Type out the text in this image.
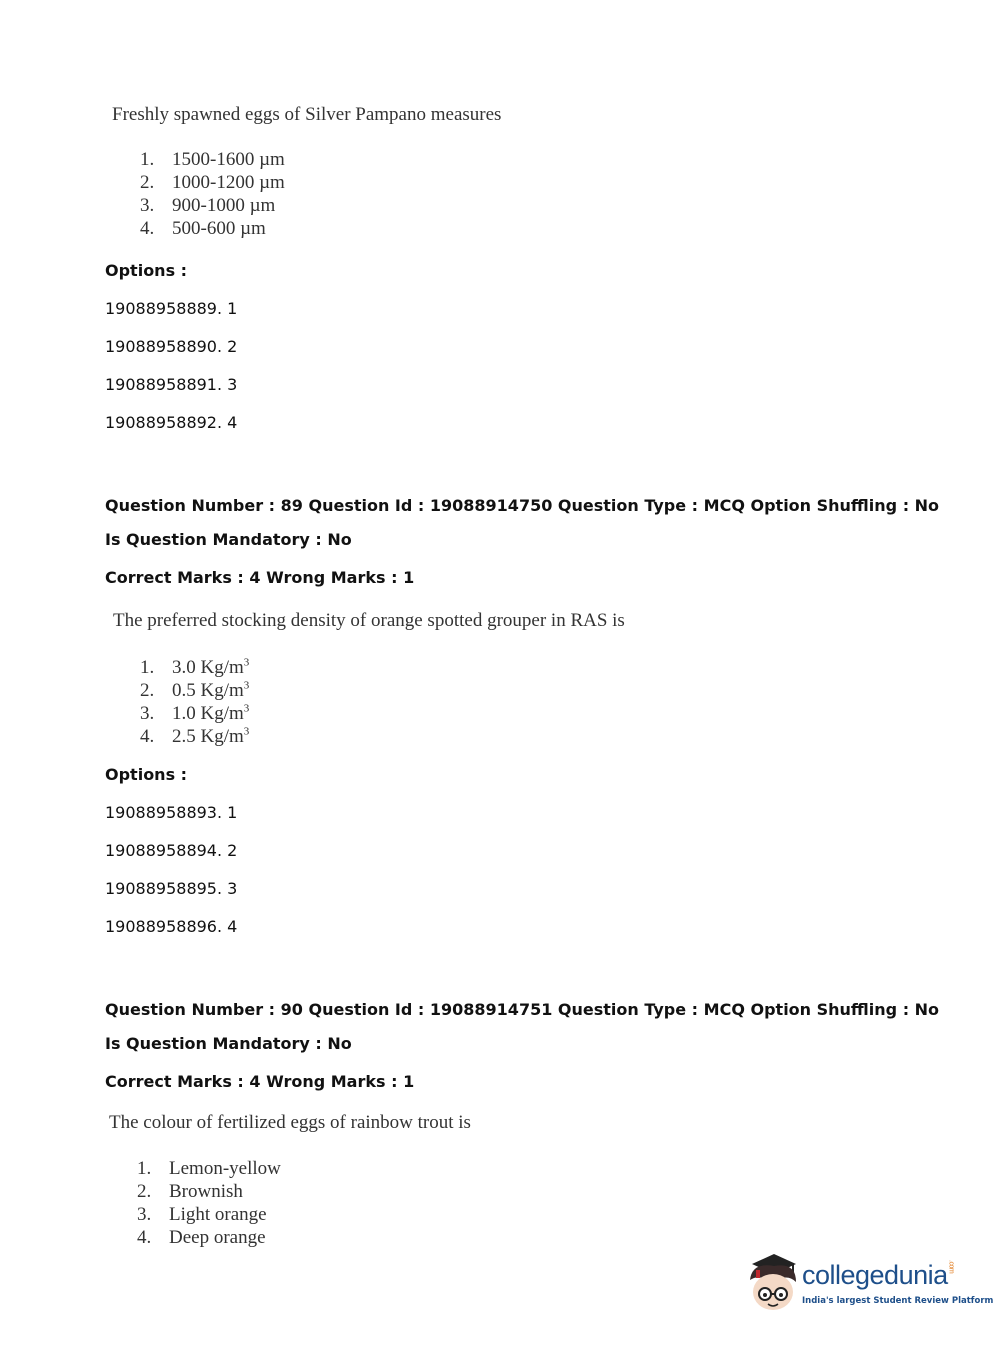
Freshly spawned eggs of Silver Pampano measures
1. 1500-1600 µm
2. 1000-1200 µm
3. 900-1000 µm
4. 500-600 µm
Options :
19088958889. 1
19088958890. 2
19088958891. 3
19088958892. 4
Question Number : 89 Question Id : 19088914750 Question Type : MCQ Option Shuffling : No
Is Question Mandatory : No
Correct Marks : 4 Wrong Marks : 1
The preferred stocking density of orange spotted grouper in RAS is
1. 3.0 $Kg/m^3$
2. 0.5 $Kg/m^3$
3. 1.0 $Kg/m^3$
4. 2.5 $Kg/m^3$
Options :
19088958893. 1
19088958894. 2
19088958895. 3
19088958896. 4
Question Number : 90 Question Id : 19088914751 Question Type : MCQ Option Shuffling : No
Is Question Mandatory : No
Correct Marks : 4 Wrong Marks : 1
The colour of fertilized eggs of rainbow trout is
1. Lemon-yellow
2. Brownish
3. Light orange
4. Deep orange
collegedunia.com
India's largest Student Review Platform
